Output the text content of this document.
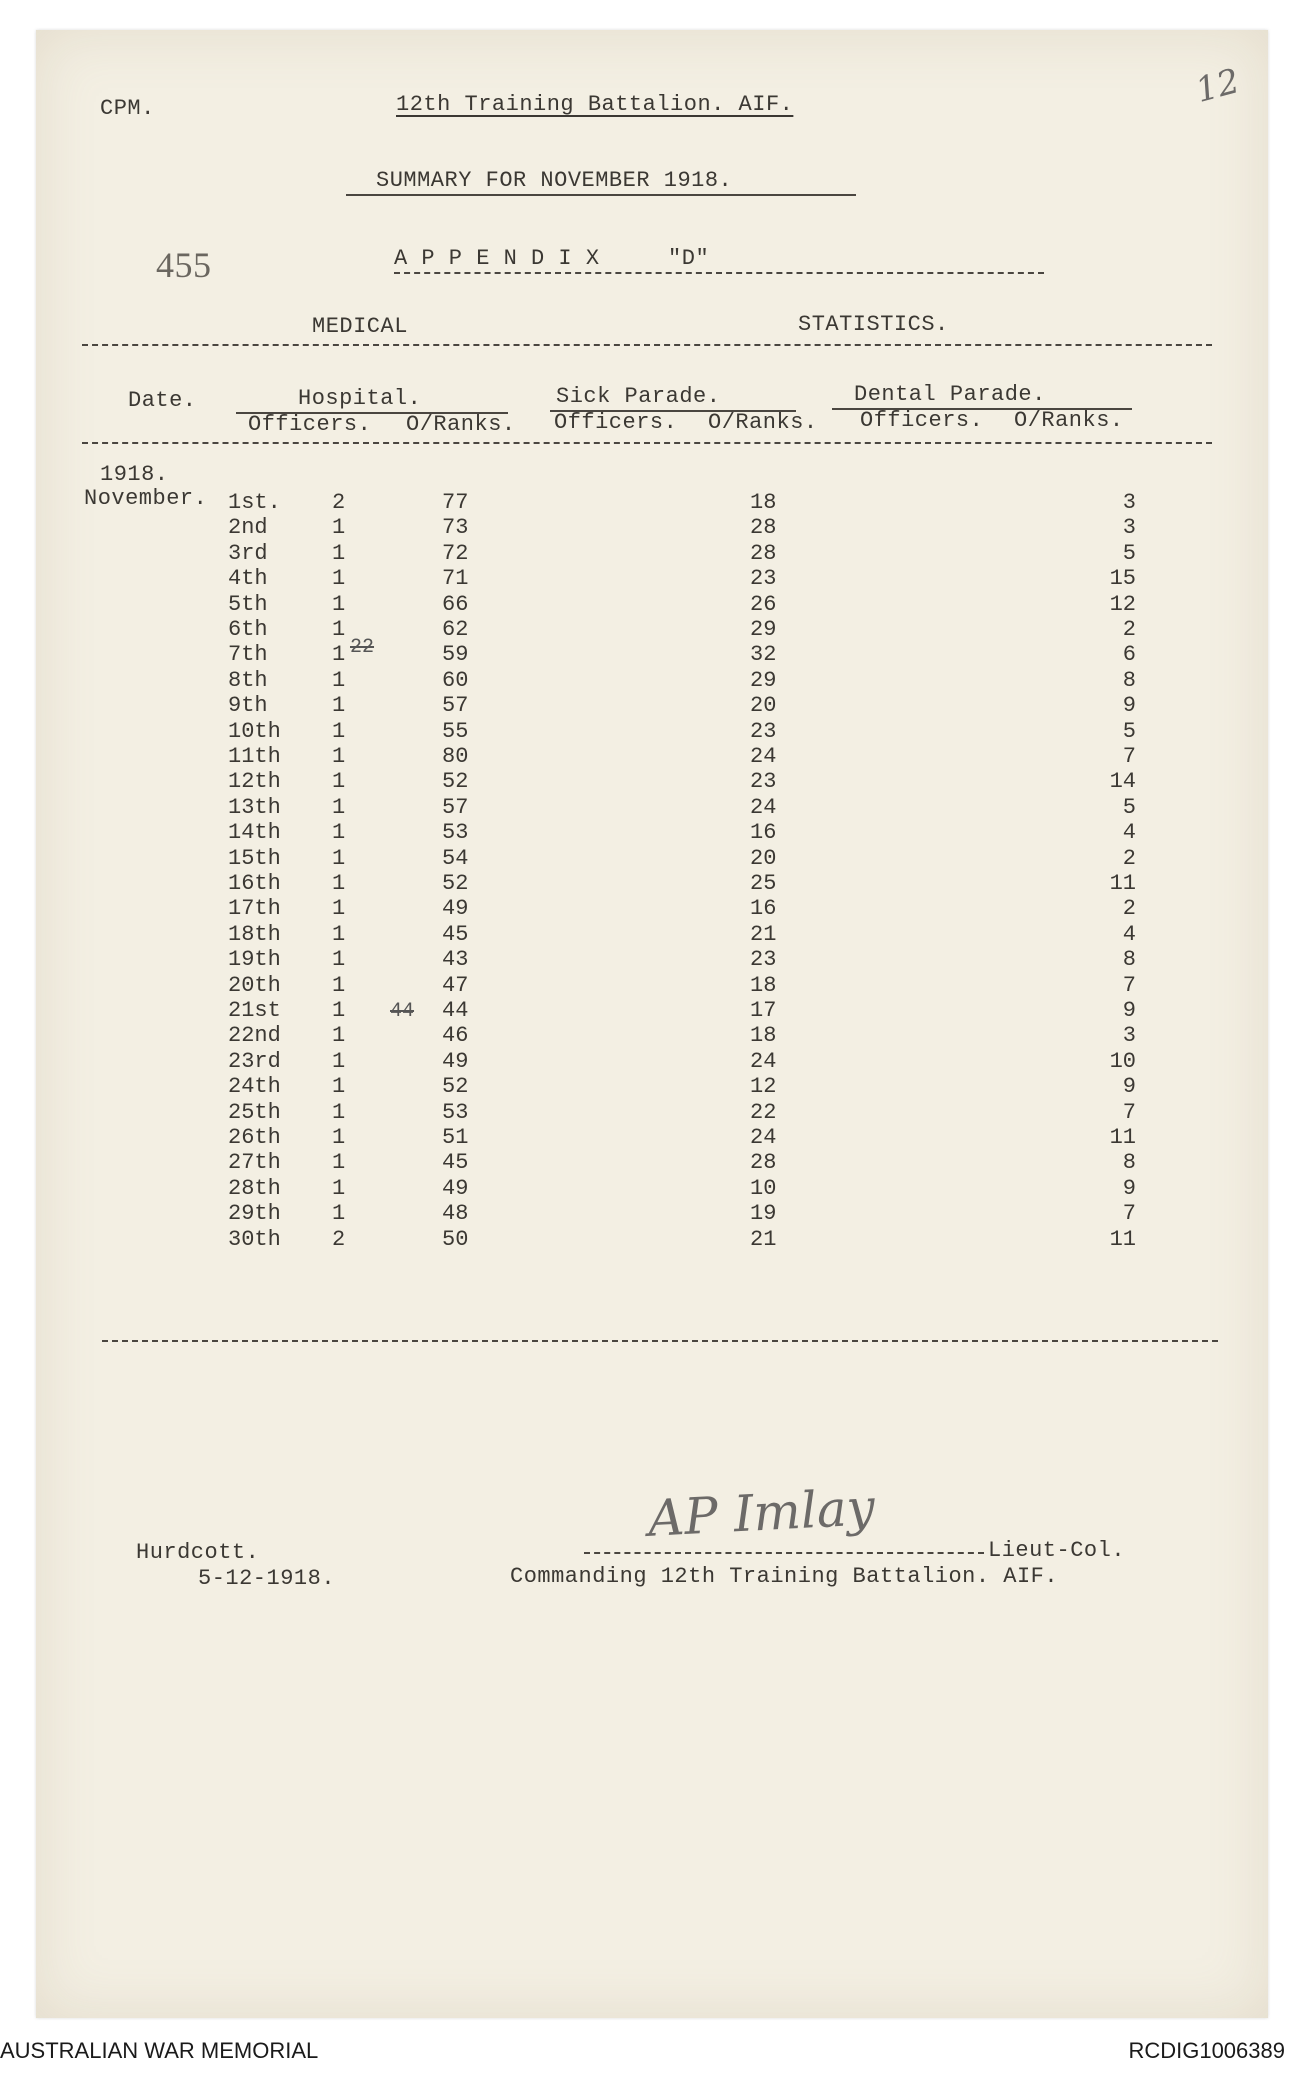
CPM.	12th Training Battalion. AIF.	12
SUMMARY FOR NOVEMBER 1918.
455	A P P E N D I X     "D"
MEDICAL	STATISTICS.
Date.	Hospital.	Sick Parade.	Dental Parade.
Officers. O/Ranks. Officers. O/Ranks. Officers. O/Ranks.
1918.
November. 1st. 2	77	18	3
2nd	1	73	28	3
3rd	1	72	28	5
4th	1	71	23	15
5th	1	66	26	12
6th	1	62	29	2
7th	1	59	32	6
8th	1	60	29	8
9th	1	57	20	9
10th 1	55	23	5
11th 1	80	24	7
12th 1	52	23	14
13th 1	57	24	5
14th 1	53	16	4
15th 1	54	20	2
16th 1	52	25	11
17th 1	49	16	2
18th 1	45	21	4
19th 1	43	23	8
20th 1	47	18	7
21st 1	44	17	9
22nd 1	46	18	3
23rd 1	49	24	10
24th 1	52	12	9
25th 1	53	22	7
26th 1	51	24	11
27th 1	45	28	8
28th 1	49	10	9
29th 1	48	19	7
30th 2	50	21	11
22
44
Hurdcott.
5-12-1918.
AP Imlay
Lieut-Col.
Commanding 12th Training Battalion. AIF.
AUSTRALIAN WAR MEMORIAL	RCDIG1006389
